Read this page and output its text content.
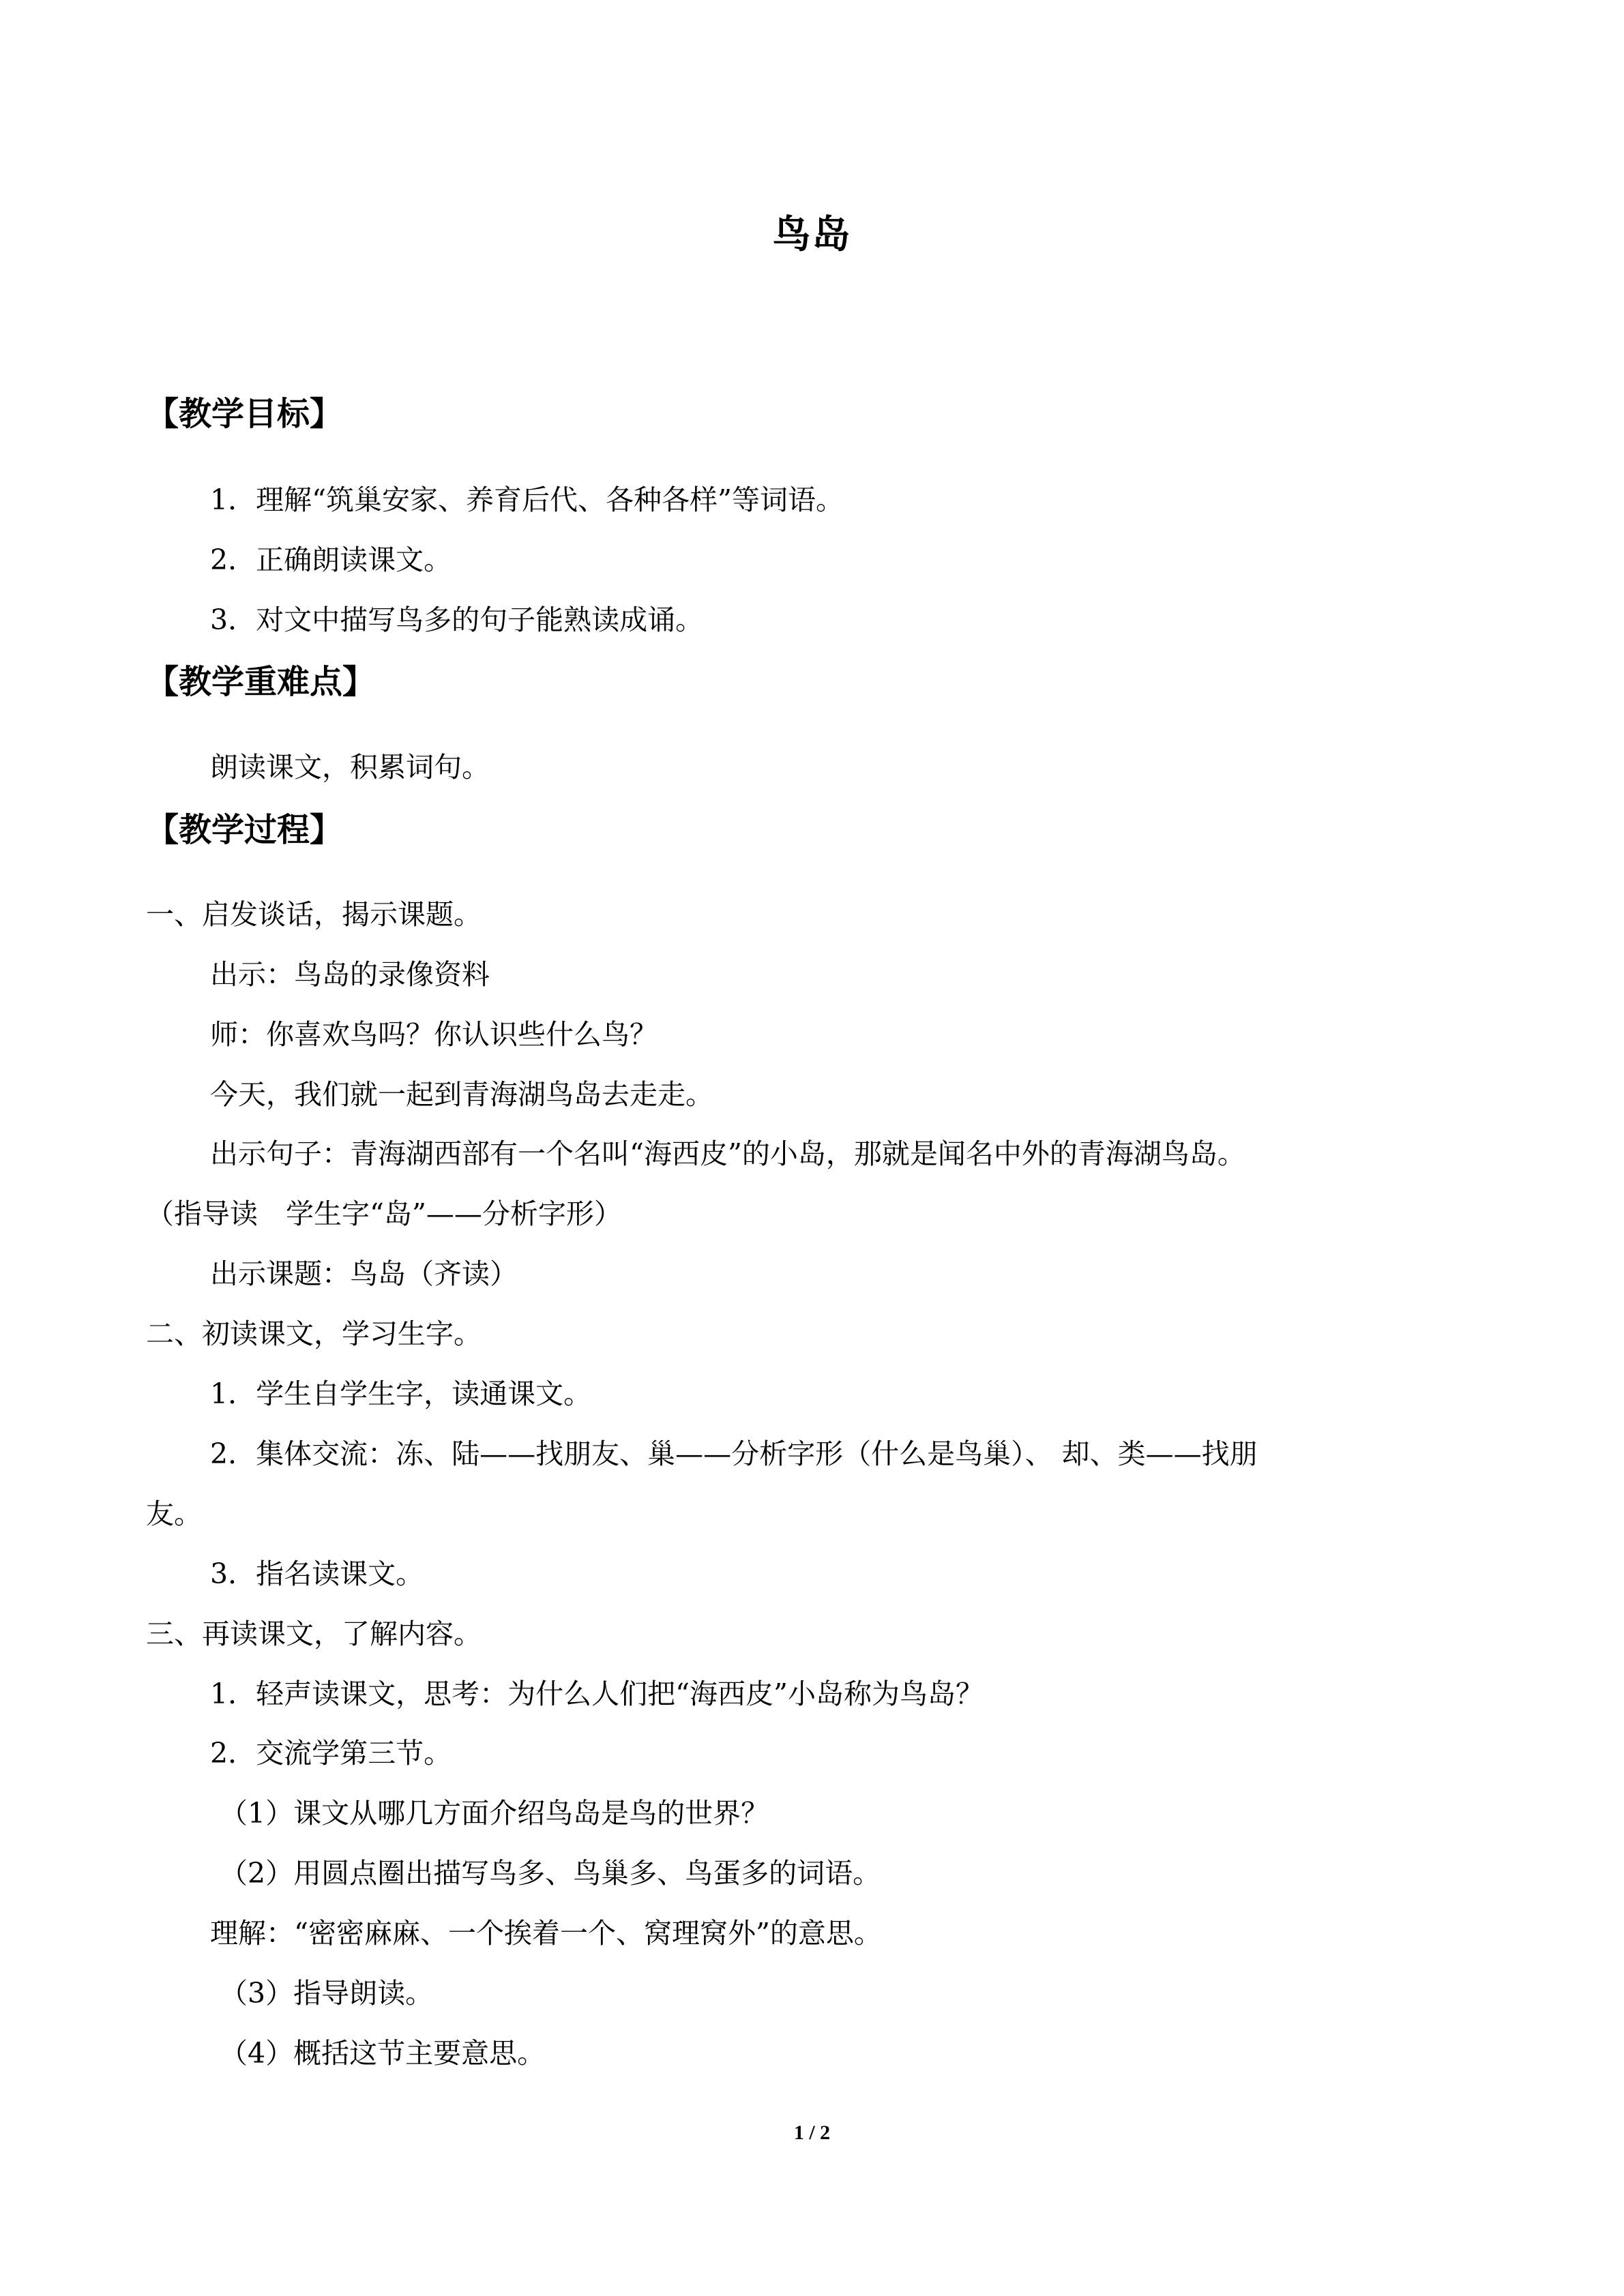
鸟岛
【教学目标】
1．理解“筑巢安家、养育后代、各种各样”等词语。
2．正确朗读课文。
3．对文中描写鸟多的句子能熟读成诵。
【教学重难点】
朗读课文，积累词句。
【教学过程】
一、启发谈话，揭示课题。
出示：鸟岛的录像资料
师：你喜欢鸟吗？你认识些什么鸟？
今天，我们就一起到青海湖鸟岛去走走。
出示句子：青海湖西部有一个名叫“海西皮”的小岛，那就是闻名中外的青海湖鸟岛。
（指导读　学生字“岛”——分析字形）
出示课题：鸟岛（齐读）
二、初读课文，学习生字。
1．学生自学生字，读通课文。
2．集体交流：冻、陆——找朋友、巢——分析字形（什么是鸟巢）、 却、类——找朋
友。
3．指名读课文。
三、再读课文，了解内容。
1．轻声读课文，思考：为什么人们把“海西皮”小岛称为鸟岛？
2．交流学第三节。
（1）课文从哪几方面介绍鸟岛是鸟的世界？
（2）用圆点圈出描写鸟多、鸟巢多、鸟蛋多的词语。
理解：“密密麻麻、一个挨着一个、窝理窝外”的意思。
（3）指导朗读。
（4）概括这节主要意思。
1 / 2
